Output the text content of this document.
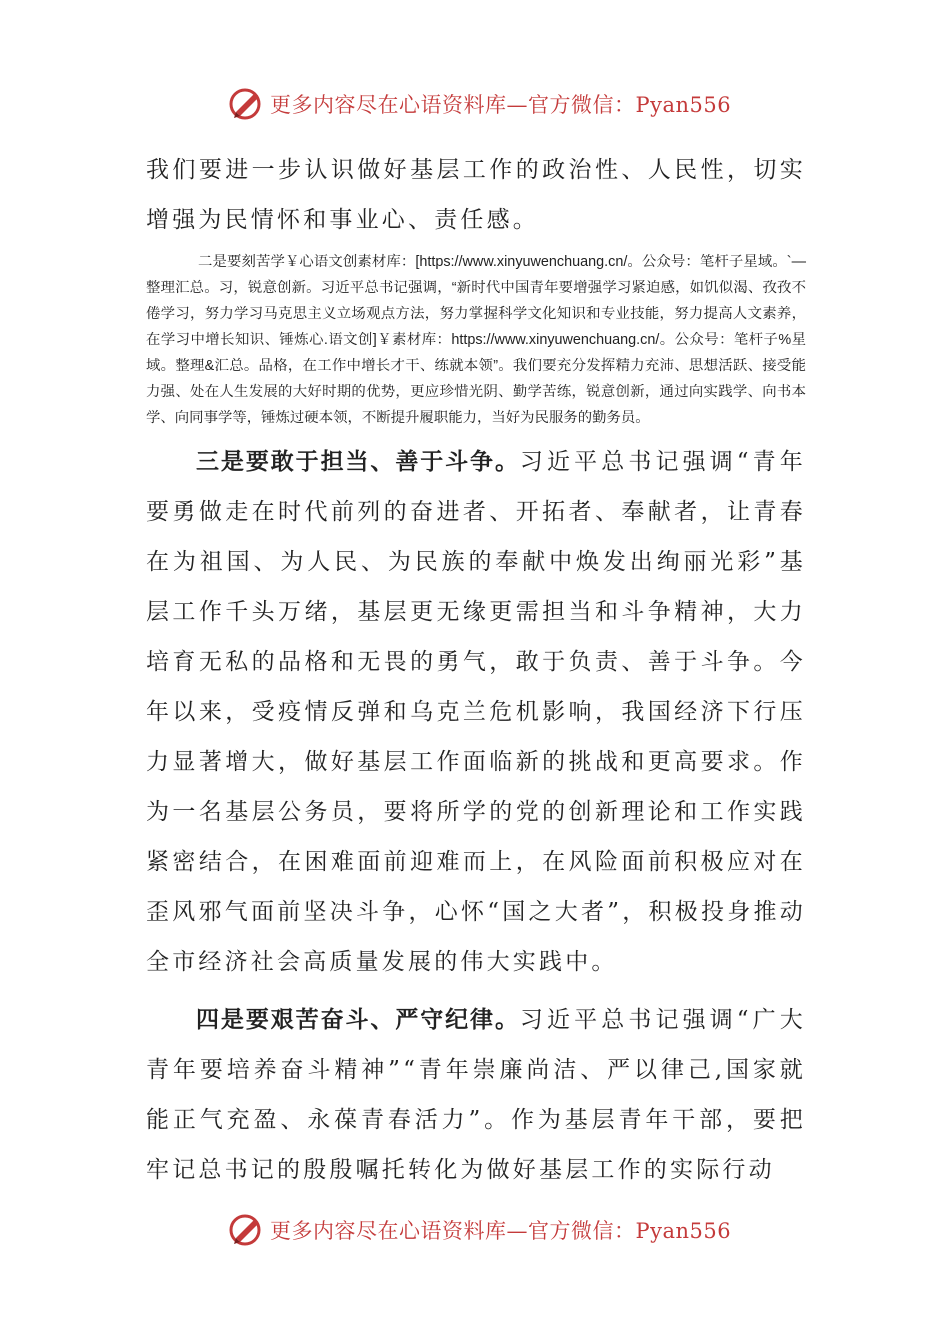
更多内容尽在心语资料库—官方微信：Pyan556

我们要进一步认识做好基层工作的政治性、人民性，切实增强为民情怀和事业心、责任感。

二是要刻苦学￥心语文创素材库：[https://www.xinyuwenchuang.cn/。公众号：笔杆子星域。`—整理汇总。习，锐意创新。习近平总书记强调，“新时代中国青年要增强学习紧迫感，如饥似渴、孜孜不倦学习，努力学习马克思主义立场观点方法，努力掌握科学文化知识和专业技能，努力提高人文素养，在学习中增长知识、锤炼心.语文创]￥素材库：https://www.xinyuwenchuang.cn/。公众号：笔杆子%星域。整理&汇总。品格，在工作中增长才干、练就本领”。我们要充分发挥精力充沛、思想活跃、接受能力强、处在人生发展的大好时期的优势，更应珍惜光阴、勤学苦练，锐意创新，通过向实践学、向书本学、向同事学等，锤炼过硬本领，不断提升履职能力，当好为民服务的勤务员。

三是要敢于担当、善于斗争。习近平总书记强调“青年要勇做走在时代前列的奋进者、开拓者、奉献者，让青春在为祖国、为人民、为民族的奉献中焕发出绚丽光彩”基层工作千头万绪，基层更无缘更需担当和斗争精神，大力培育无私的品格和无畏的勇气，敢于负责、善于斗争。今年以来，受疫情反弹和乌克兰危机影响，我国经济下行压力显著增大，做好基层工作面临新的挑战和更高要求。作为一名基层公务员，要将所学的党的创新理论和工作实践紧密结合，在困难面前迎难而上，在风险面前积极应对在歪风邪气面前坚决斗争，心怀“国之大者”，积极投身推动全市经济社会高质量发展的伟大实践中。

四是要艰苦奋斗、严守纪律。习近平总书记强调“广大青年要培养奋斗精神”“青年崇廉尚洁、严以律己,国家就能正气充盈、永葆青春活力”。作为基层青年干部，要把牢记总书记的殷殷嘱托转化为做好基层工作的实际行动

更多内容尽在心语资料库—官方微信：Pyan556
